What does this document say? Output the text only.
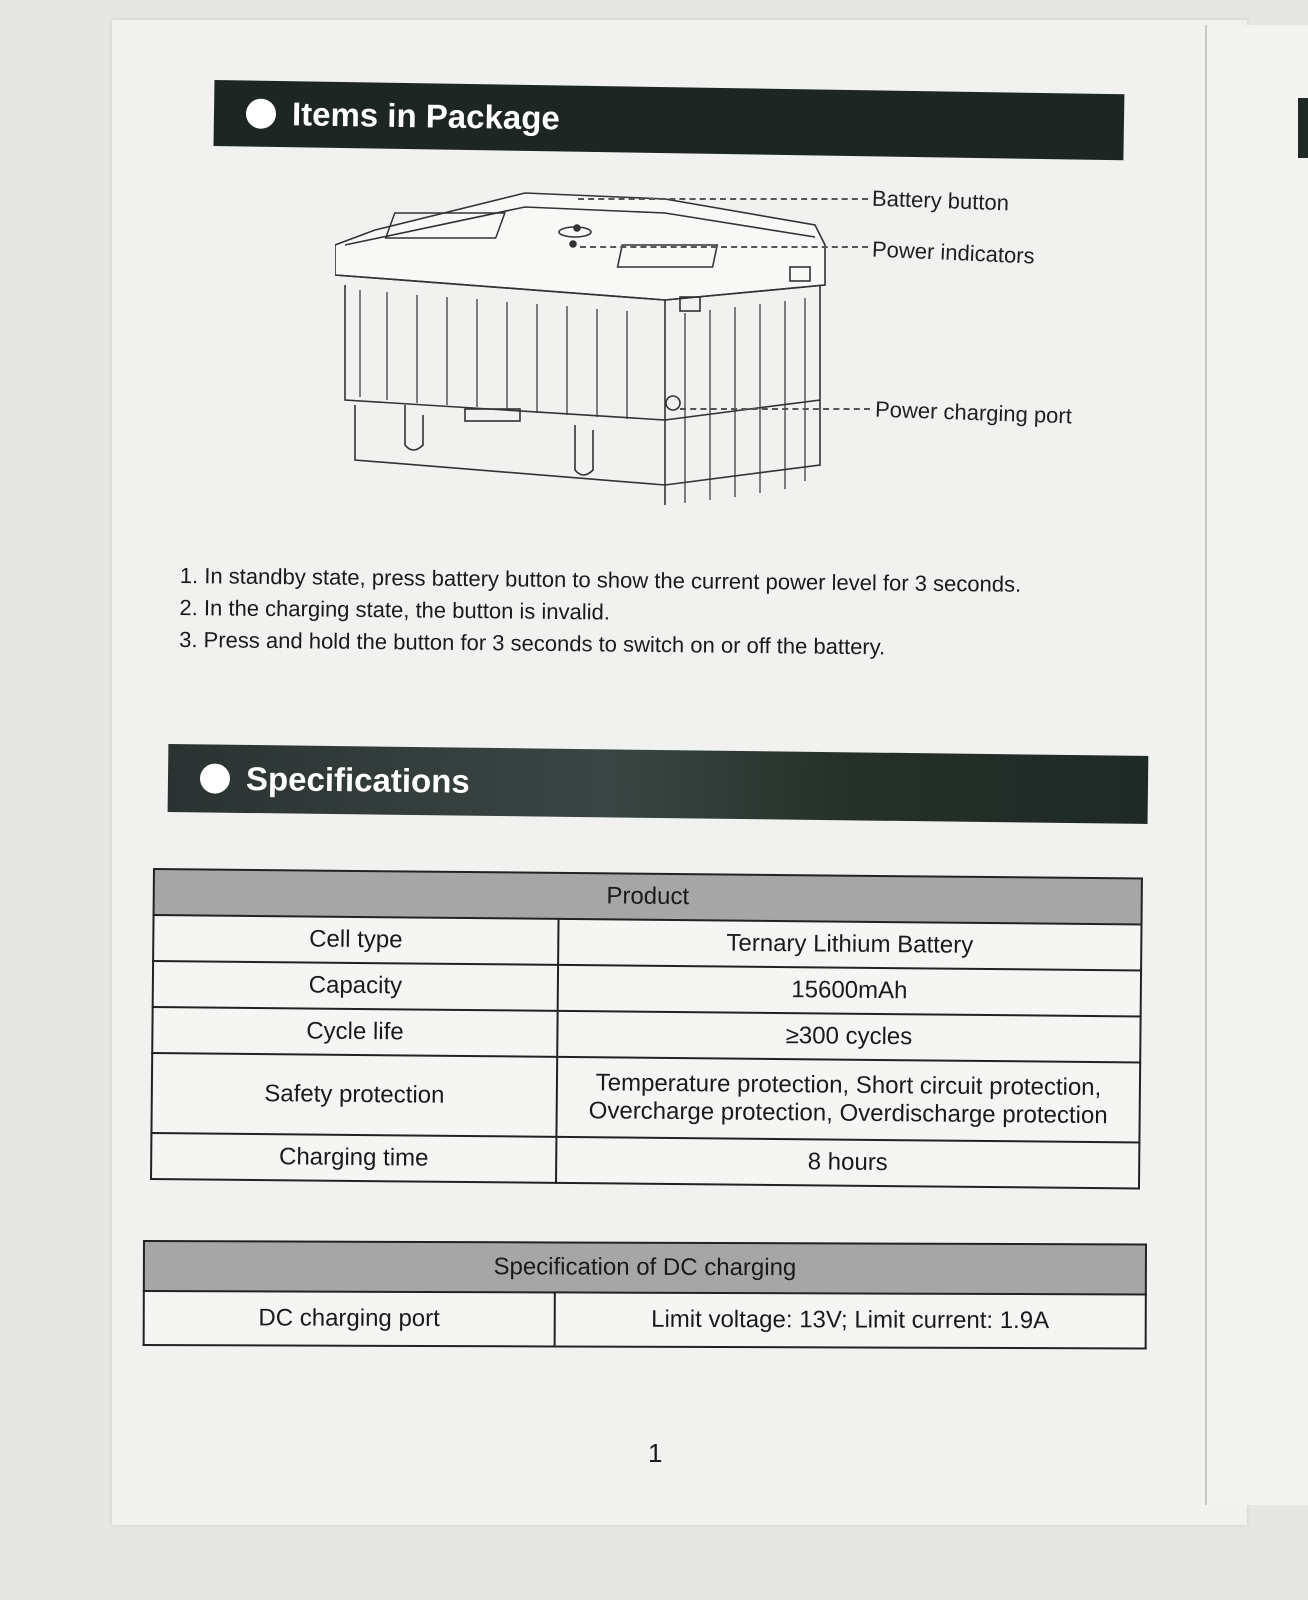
Items in Package
Battery button
Power indicators
Power charging port
1. In standby state, press battery button to show the current power level for 3 seconds.
2. In the charging state, the button is invalid.
3. Press and hold the button for 3 seconds to switch on or off the battery.
Specifications
Product	
Cell type	Ternary Lithium Battery
Capacity	15600mAh
Cycle life	≥300 cycles
Safety protection	Temperature protection, Short circuit protection,
Overcharge protection, Overdischarge protection

Charging time	8 hours
Specification of DC charging
DC charging port	Limit voltage: 13V; Limit current: 1.9A
1
